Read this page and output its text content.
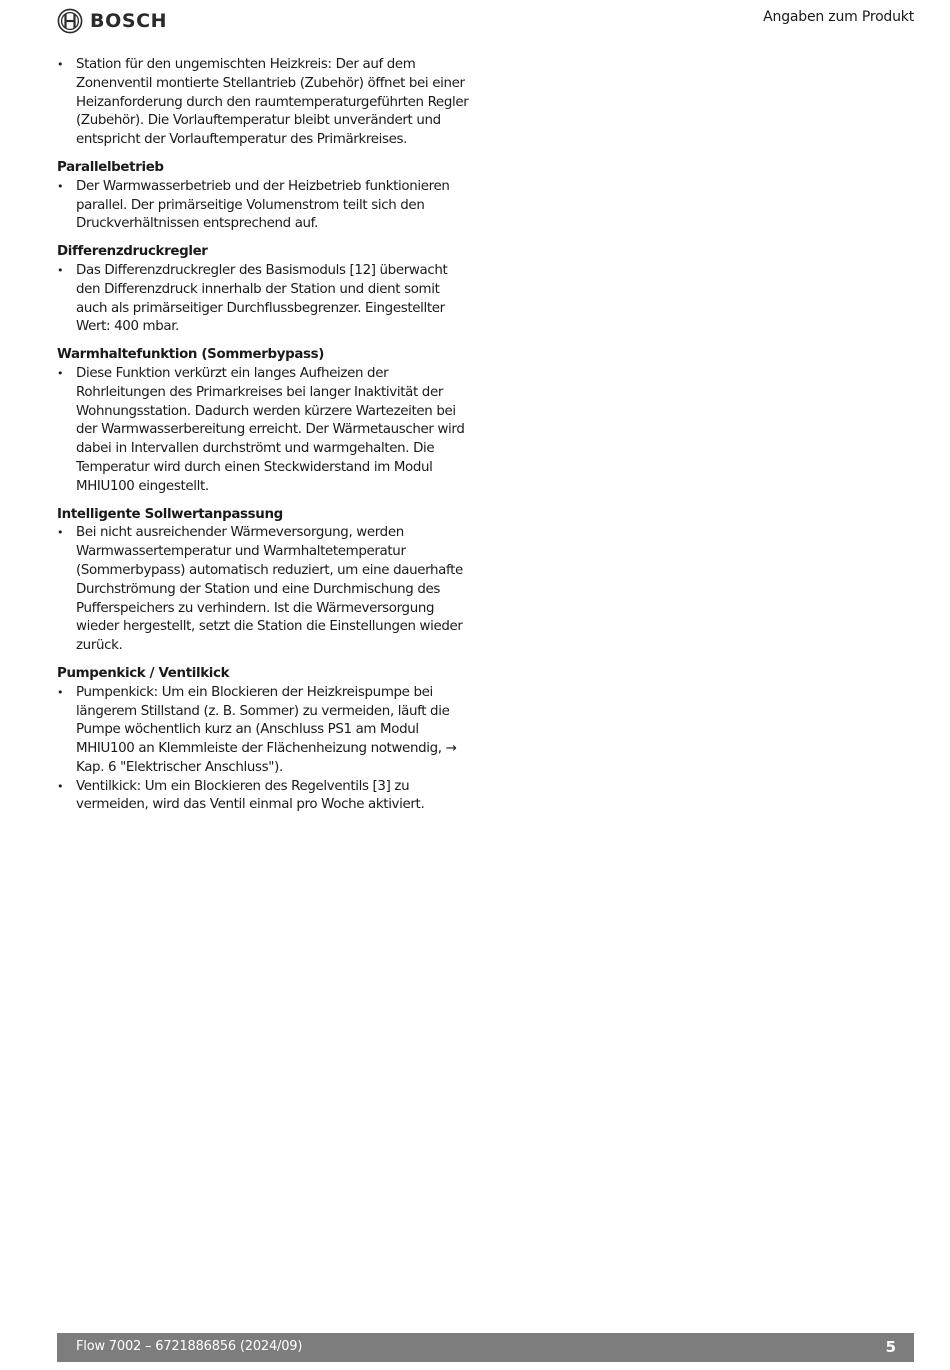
BOSCH	Angaben zum Produkt
• Station für den ungemischten Heizkreis: Der auf dem Zonenventil montierte Stellantrieb (Zubehör) öffnet bei einer Heizanforderung durch den raumtemperaturgeführten Regler (Zubehör). Die Vorlauftemperatur bleibt unverändert und entspricht der Vorlauftemperatur des Primärkreises.

Parallelbetrieb

• Der Warmwasserbetrieb und der Heizbetrieb funktionieren parallel. Der primärseitige Volumenstrom teilt sich den Druckverhältnissen entsprechend auf.

Differenzdruckregler

• Das Differenzdruckregler des Basismoduls [12] überwacht den Differenzdruck innerhalb der Station und dient somit auch als primärseitiger Durchflussbegrenzer. Eingestellter Wert: 400 mbar.

Warmhaltefunktion (Sommerbypass)

• Diese Funktion verkürzt ein langes Aufheizen der Rohrleitungen des Primarkreises bei langer Inaktivität der Wohnungsstation. Dadurch werden kürzere Wartezeiten bei der Warmwasserbereitung erreicht. Der Wärmetauscher wird dabei in Intervallen durchströmt und warmgehalten. Die Temperatur wird durch einen Steckwiderstand im Modul MHIU100 eingestellt.

Intelligente Sollwertanpassung

• Bei nicht ausreichender Wärmeversorgung, werden Warmwassertemperatur und Warmhaltetemperatur (Sommerbypass) automatisch reduziert, um eine dauerhafte Durchströmung der Station und eine Durchmischung des Pufferspeichers zu verhindern. Ist die Wärmeversorgung wieder hergestellt, setzt die Station die Einstellungen wieder zurück.

Pumpenkick / Ventilkick

• Pumpenkick: Um ein Blockieren der Heizkreispumpe bei längerem Stillstand (z. B. Sommer) zu vermeiden, läuft die Pumpe wöchentlich kurz an (Anschluss PS1 am Modul MHIU100 an Klemmleiste der Flächenheizung notwendig, → Kap. 6 "Elektrischer Anschluss").
• Ventilkick: Um ein Blockieren des Regelventils [3] zu vermeiden, wird das Ventil einmal pro Woche aktiviert.
Flow 7002 – 6721886856 (2024/09)	5
